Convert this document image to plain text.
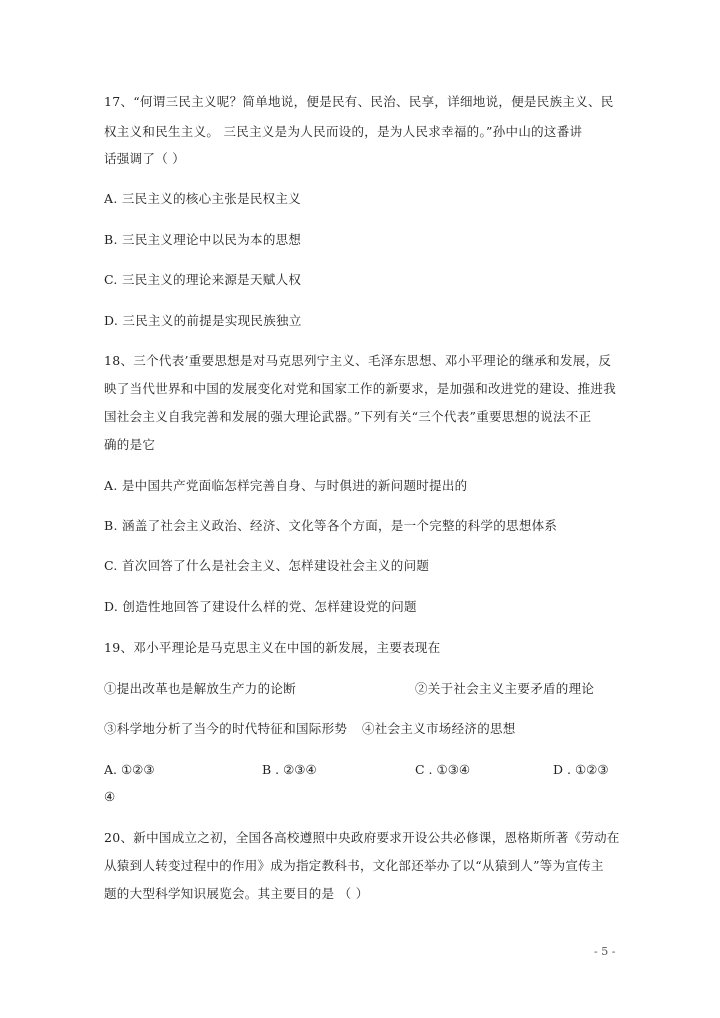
17、“何谓三民主义呢？简单地说，便是民有、民治、民享，详细地说，便是民族主义、民
权主义和民生主义。 三民主义是为人民而设的，是为人民求幸福的。”孙中山的这番讲
话强调了（ ）
A. 三民主义的核心主张是民权主义
B. 三民主义理论中以民为本的思想
C. 三民主义的理论来源是天赋人权
D. 三民主义的前提是实现民族独立
18、三个代表’重要思想是对马克思列宁主义、毛泽东思想、邓小平理论的继承和发展，反
映了当代世界和中国的发展变化对党和国家工作的新要求，是加强和改进党的建设、推进我
国社会主义自我完善和发展的强大理论武器。”下列有关“三个代表”重要思想的说法不正
确的是它
A. 是中国共产党面临怎样完善自身、与时俱进的新问题时提出的
B. 涵盖了社会主义政治、经济、文化等各个方面，是一个完整的科学的思想体系
C. 首次回答了什么是社会主义、怎样建设社会主义的问题
D. 创造性地回答了建设什么样的党、怎样建设党的问题
19、邓小平理论是马克思主义在中国的新发展，主要表现在
①提出改革也是解放生产力的论断	②关于社会主义主要矛盾的理论
③科学地分析了当今的时代特征和国际形势 ④社会主义市场经济的思想
A. ①②③	B . ②③④	C . ①③④	D . ①②③
④
20、新中国成立之初，全国各高校遵照中央政府要求开设公共必修课，恩格斯所著《劳动在
从猿到人转变过程中的作用》成为指定教科书，文化部还举办了以“从猿到人”等为宣传主
题的大型科学知识展览会。其主要目的是 （ ）
- 5 -
